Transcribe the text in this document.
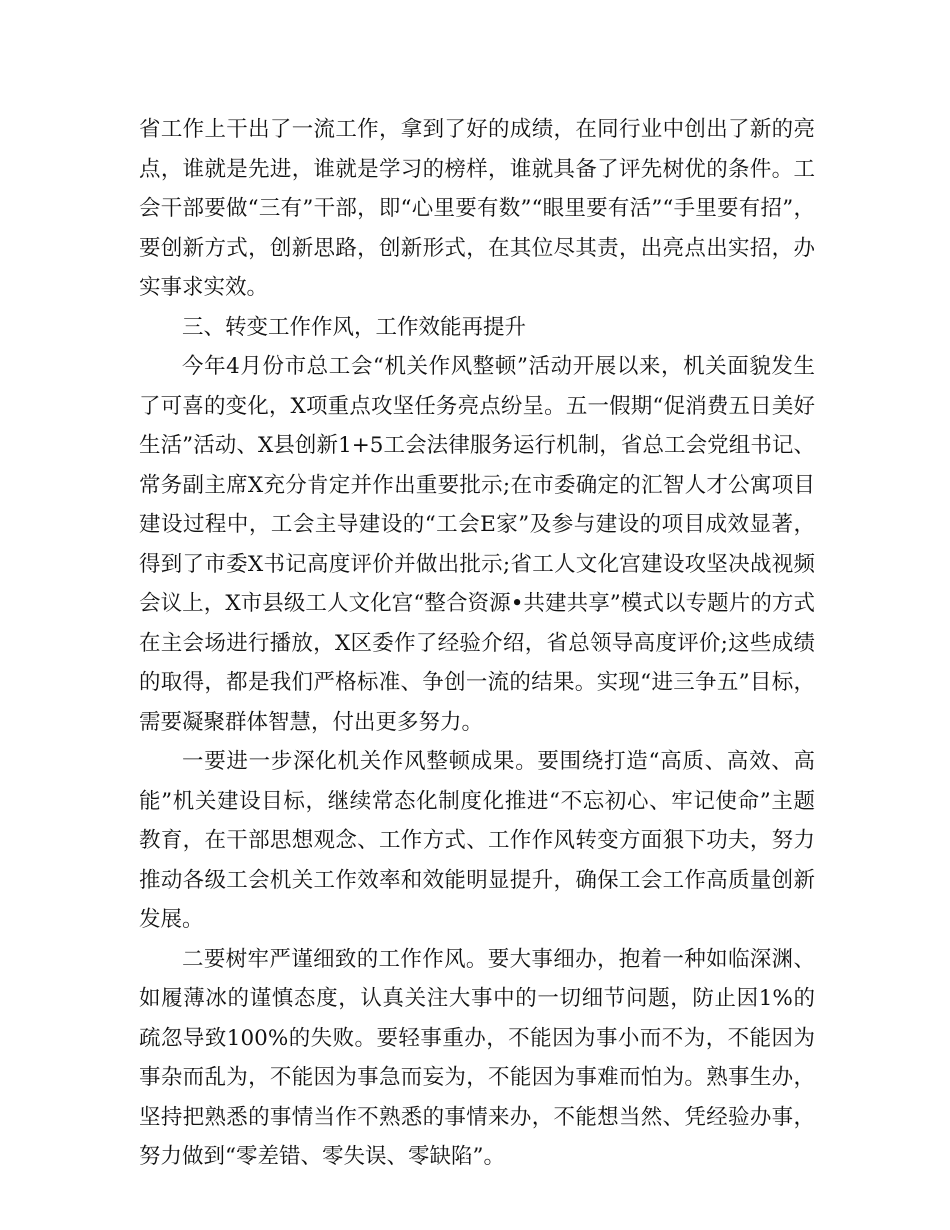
省工作上干出了一流工作，拿到了好的成绩，在同行业中创出了新的亮点，谁就是先进，谁就是学习的榜样，谁就具备了评先树优的条件。工会干部要做“三有”干部，即“心里要有数”“眼里要有活”“手里要有招”，要创新方式，创新思路，创新形式，在其位尽其责，出亮点出实招，办实事求实效。

三、转变工作作风，工作效能再提升

今年4月份市总工会“机关作风整顿”活动开展以来，机关面貌发生了可喜的变化，X项重点攻坚任务亮点纷呈。五一假期“促消费五日美好生活”活动、X县创新1+5工会法律服务运行机制，省总工会党组书记、常务副主席X充分肯定并作出重要批示;在市委确定的汇智人才公寓项目建设过程中，工会主导建设的“工会E家”及参与建设的项目成效显著，得到了市委X书记高度评价并做出批示;省工人文化宫建设攻坚决战视频会议上，X市县级工人文化宫“整合资源•共建共享”模式以专题片的方式在主会场进行播放，X区委作了经验介绍，省总领导高度评价;这些成绩的取得，都是我们严格标准、争创一流的结果。实现“进三争五”目标，需要凝聚群体智慧，付出更多努力。

一要进一步深化机关作风整顿成果。要围绕打造“高质、高效、高能”机关建设目标，继续常态化制度化推进“不忘初心、牢记使命”主题教育，在干部思想观念、工作方式、工作作风转变方面狠下功夫，努力推动各级工会机关工作效率和效能明显提升，确保工会工作高质量创新发展。

二要树牢严谨细致的工作作风。要大事细办，抱着一种如临深渊、如履薄冰的谨慎态度，认真关注大事中的一切细节问题，防止因1%的疏忽导致100%的失败。要轻事重办，不能因为事小而不为，不能因为事杂而乱为，不能因为事急而妄为，不能因为事难而怕为。熟事生办，坚持把熟悉的事情当作不熟悉的事情来办，不能想当然、凭经验办事，努力做到“零差错、零失误、零缺陷”。
